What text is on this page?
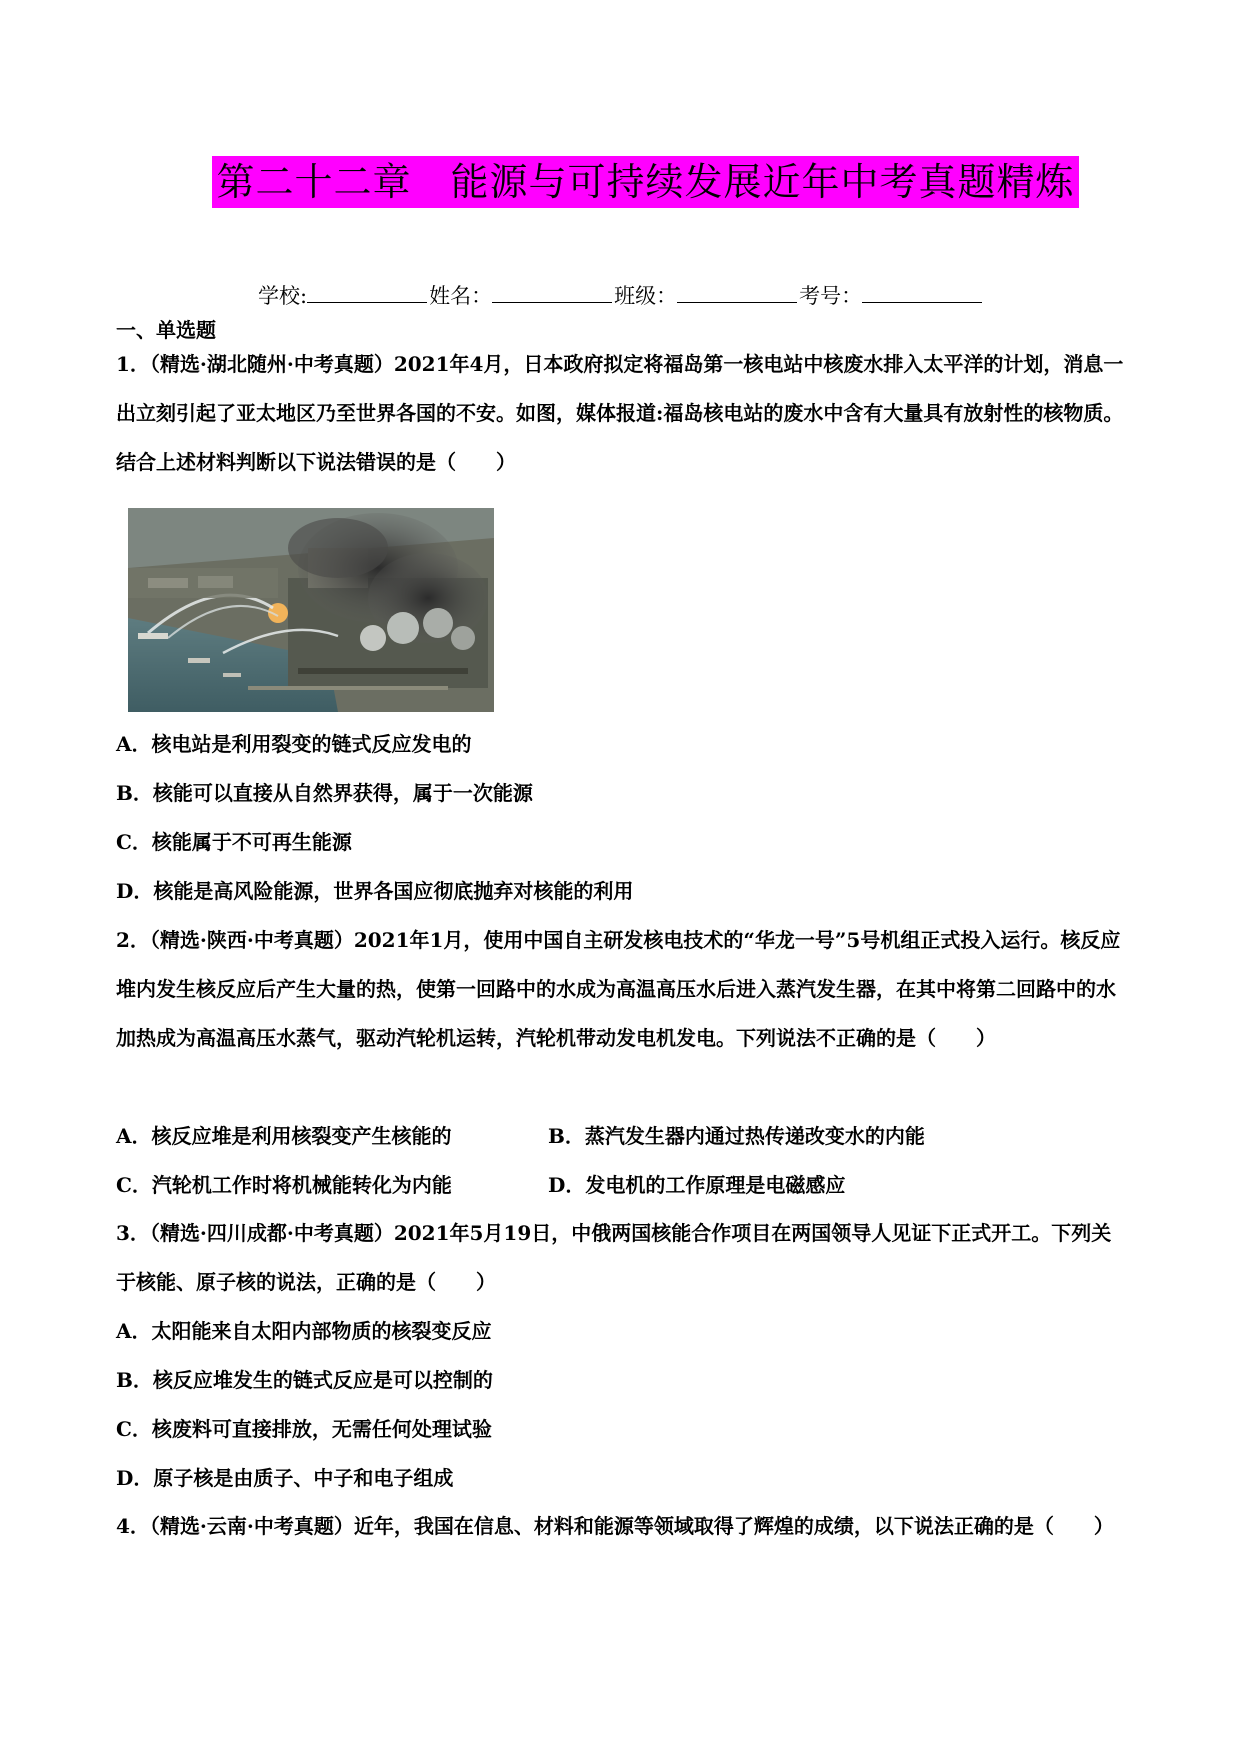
第二十二章　能源与可持续发展近年中考真题精炼
学校:	姓名：	班级：	考号：
一、单选题
1．（精选·湖北随州·中考真题）2021年4月，日本政府拟定将福岛第一核电站中核废水排入太平洋的计划，消息一出立刻引起了亚太地区乃至世界各国的不安。如图，媒体报道:福岛核电站的废水中含有大量具有放射性的核物质。结合上述材料判断以下说法错误的是（　　）
A．核电站是利用裂变的链式反应发电的
B．核能可以直接从自然界获得，属于一次能源
C．核能属于不可再生能源
D．核能是高风险能源，世界各国应彻底抛弃对核能的利用
2．（精选·陕西·中考真题）2021年1月，使用中国自主研发核电技术的“华龙一号”5号机组正式投入运行。核反应堆内发生核反应后产生大量的热，使第一回路中的水成为高温高压水后进入蒸汽发生器，在其中将第二回路中的水加热成为高温高压水蒸气，驱动汽轮机运转，汽轮机带动发电机发电。下列说法不正确的是（　　）
A．核反应堆是利用核裂变产生核能的	B．蒸汽发生器内通过热传递改变水的内能
C．汽轮机工作时将机械能转化为内能	D．发电机的工作原理是电磁感应
3．（精选·四川成都·中考真题）2021年5月19日，中俄两国核能合作项目在两国领导人见证下正式开工。下列关于核能、原子核的说法，正确的是（　　）
A．太阳能来自太阳内部物质的核裂变反应
B．核反应堆发生的链式反应是可以控制的
C．核废料可直接排放，无需任何处理试验
D．原子核是由质子、中子和电子组成
4．（精选·云南·中考真题）近年，我国在信息、材料和能源等领域取得了辉煌的成绩，以下说法正确的是（　　）
